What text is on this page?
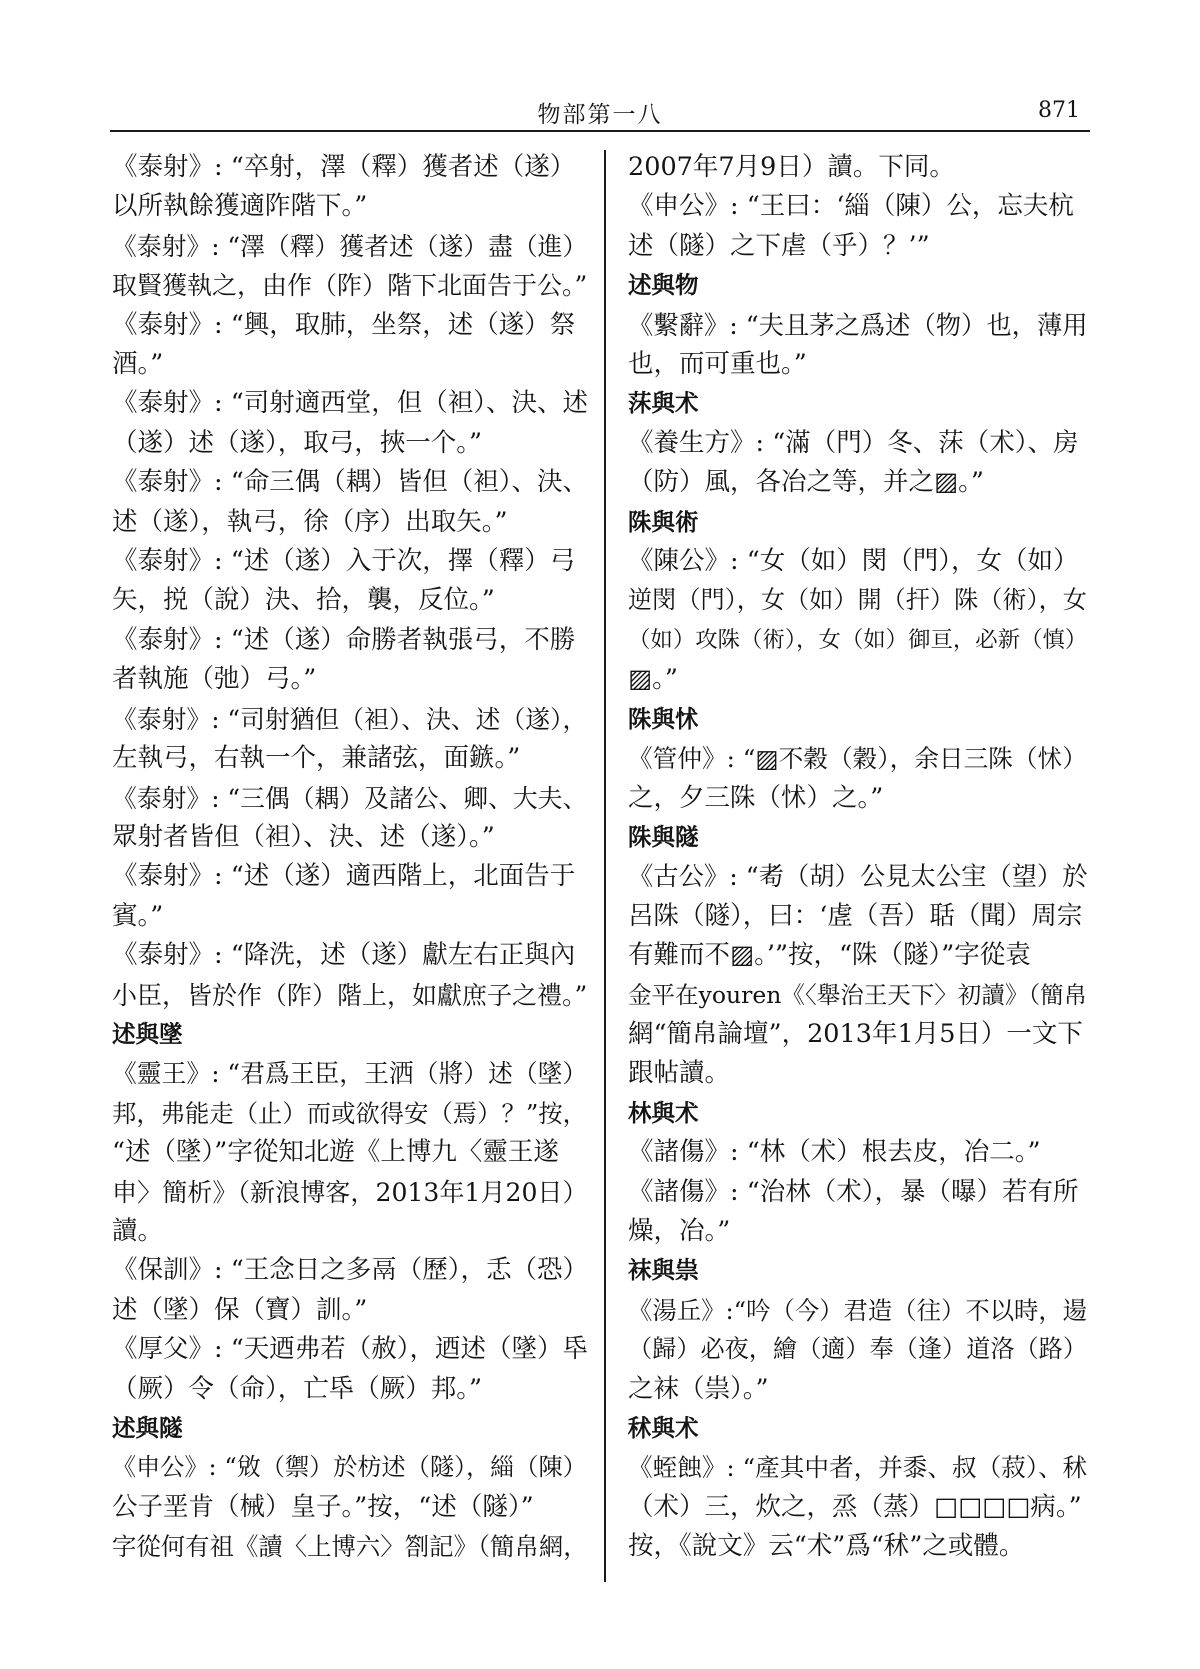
物部第一八	871
《泰射》: “卒射，澤（釋）獲者述（遂）
以所執餘獲適阼階下。”
《泰射》: “澤（釋）獲者述（遂）盡（進）
取賢獲執之，由作（阼）階下北面告于公。”
《泰射》: “興，取肺，坐祭，述（遂）祭
酒。”
《泰射》: “司射適西堂，但（袒）、決、述
（遂）述（遂），取弓，挾一个。”
《泰射》: “命三偶（耦）皆但（袒）、決、
述（遂），執弓，徐（序）出取矢。”
《泰射》: “述（遂）入于次，擇（釋）弓
矢，捝（說）決、拾，襲，反位。”
《泰射》: “述（遂）命勝者執張弓，不勝
者執施（弛）弓。”
《泰射》: “司射猶但（袒）、決、述（遂），
左執弓，右執一个，兼諸弦，面鏃。”
《泰射》: “三偶（耦）及諸公、卿、大夫、
眾射者皆但（袒）、決、述（遂）。”
《泰射》: “述（遂）適西階上，北面告于
賓。”
《泰射》: “降洗，述（遂）獻左右正與內
小臣，皆於作（阼）階上，如獻庶子之禮。”
述與墜
《靈王》: “君爲王臣，王洒（將）述（墜）
邦，弗能走（止）而或欲得安（焉）？”按，
“述（墜）”字從知北遊《上博九〈靈王遂
申〉簡析》（新浪博客，2013年1月20日）
讀。
《保訓》: “王念日之多鬲（歷），忎（恐）
述（墜）保（寶）訓。”
《厚父》: “天迺弗若（赦），迺述（墜）氒
（厥）令（命），亡氒（厥）邦。”
述與隧
《申公》: “敓（禦）於枋述（隧），緇（陳）
公子垩肯（械）皇子。”按，“述（隧）”
字從何有祖《讀〈上博六〉劄記》（簡帛網，
2007年7月9日）讀。下同。
《申公》: “王曰：‘緇（陳）公，忘夫杭
述（隧）之下虐（乎）？’”
述與物
《繫辭》: “夫且茅之爲述（物）也，薄用
也，而可重也。”
莯與术
《養生方》: “滿（門）冬、莯（术）、房
（防）風，各冶之等，并之▨。”
陎與術
《陳公》: “女（如）閔（門），女（如）
逆閔（門），女（如）開（扞）陎（術），女
（如）攻陎（術），女（如）御亘，必新（慎）
▨。”
陎與怵
《管仲》: “▨不穀（穀），余日三陎（怵）
之，夕三陎（怵）之。”
陎與隧
《古公》: “耇（胡）公見太公宔（望）於
呂陎（隧），曰：‘虗（吾）聒（聞）周宗
有難而不▨。’”按，“陎（隧）”字從袁
金平在youren《〈舉治王天下〉初讀》（簡帛
網“簡帛論壇”，2013年1月5日）一文下
跟帖讀。
林與术
《諸傷》: “林（术）根去皮，冶二。”
《諸傷》: “治林（术），暴（曝）若有所
燥，冶。”
袜與祟
《湯丘》:“吟（今）君造（往）不以時，逿
（歸）必夜，繪（適）奉（逢）道洛（路）
之袜（祟）。”
秫與术
《蛭蝕》: “產其中者，并黍、叔（菽）、秫
（术）三，炊之，烝（蒸）□□□□病。”
按，《說文》云“术”爲“秫”之或體。
